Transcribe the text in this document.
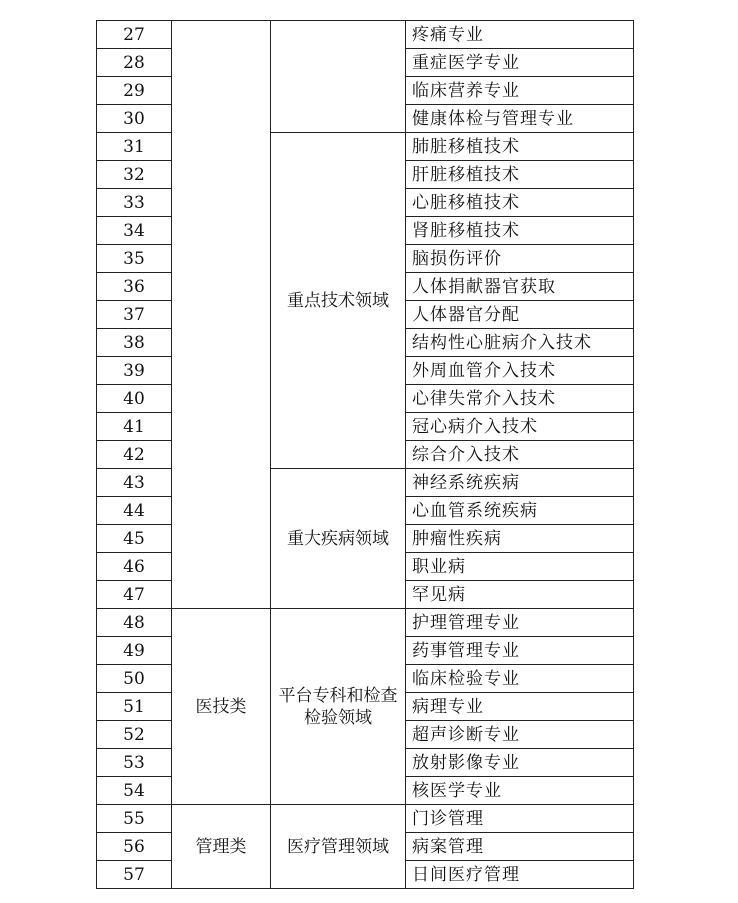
27			疼痛专业
28			重症医学专业
29			临床营养专业
30			健康体检与管理专业
31		重点技术领域	肺脏移植技术
32			肝脏移植技术
33			心脏移植技术
34			肾脏移植技术
35			脑损伤评价
36			人体捐献器官获取
37			人体器官分配
38			结构性心脏病介入技术
39			外周血管介入技术
40			心律失常介入技术
41			冠心病介入技术
42			综合介入技术
43		重大疾病领域	神经系统疾病
44			心血管系统疾病
45			肿瘤性疾病
46			职业病
47			罕见病
48	医技类	平台专科和检查检验领域	护理管理专业
49			药事管理专业
50			临床检验专业
51			病理专业
52			超声诊断专业
53			放射影像专业
54			核医学专业
55	管理类	医疗管理领域	门诊管理
56			病案管理
57			日间医疗管理
